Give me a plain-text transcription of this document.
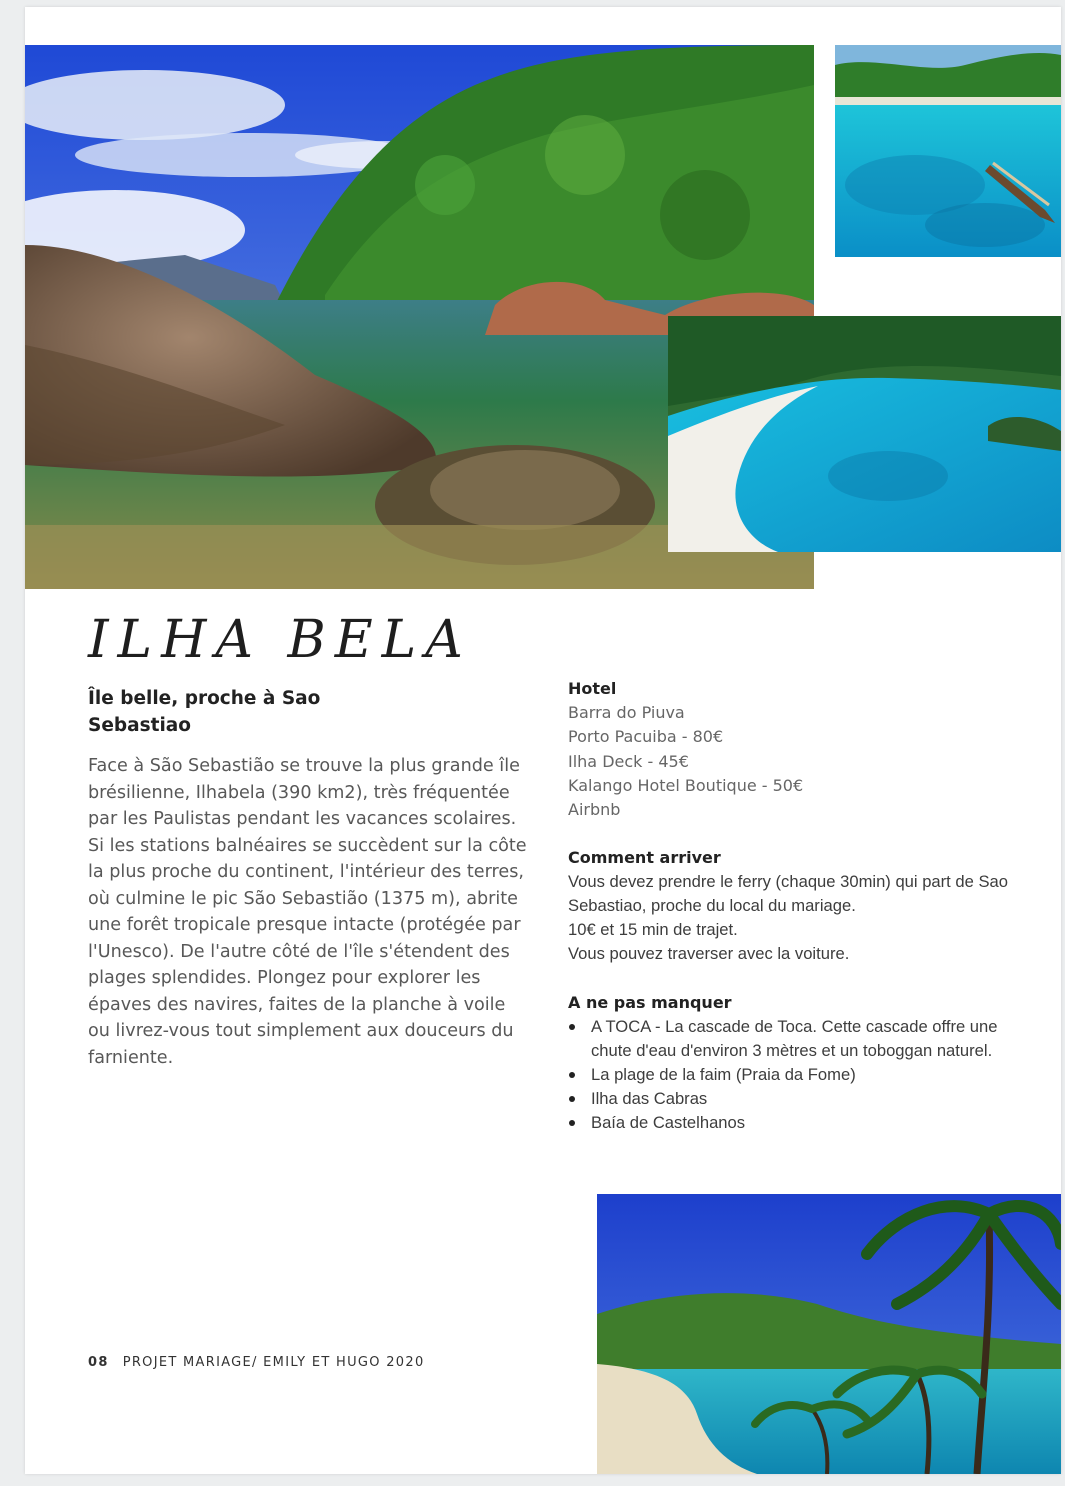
ILHA BELA
Île belle, proche à Sao Sebastiao
Face à São Sebastião se trouve la plus grande île brésilienne, Ilhabela (390 km2), très fréquentée par les Paulistas pendant les vacances scolaires. Si les stations balnéaires se succèdent sur la côte la plus proche du continent, l'intérieur des terres, où culmine le pic São Sebastião (1375 m), abrite une forêt tropicale presque intacte (protégée par l'Unesco). De l'autre côté de l'île s'étendent des plages splendides. Plongez pour explorer les épaves des navires, faites de la planche à voile ou livrez-vous tout simplement aux douceurs du farniente.
Hotel
Barra do Piuva
Porto Pacuiba - 80€
Ilha Deck - 45€
Kalango Hotel Boutique - 50€
Airbnb
Comment arriver

Vous devez prendre le ferry (chaque 30min) qui part de Sao Sebastiao, proche du local du mariage.

10€ et 15 min de trajet.

Vous pouvez traverser avec la voiture.

A ne pas manquer
A TOCA - La cascade de Toca. Cette cascade offre une chute d'eau d'environ 3 mètres et un toboggan naturel.
La plage de la faim (Praia da Fome)
Ilha das Cabras
Baía de Castelhanos
08 PROJET MARIAGE/ EMILY ET HUGO 2020
